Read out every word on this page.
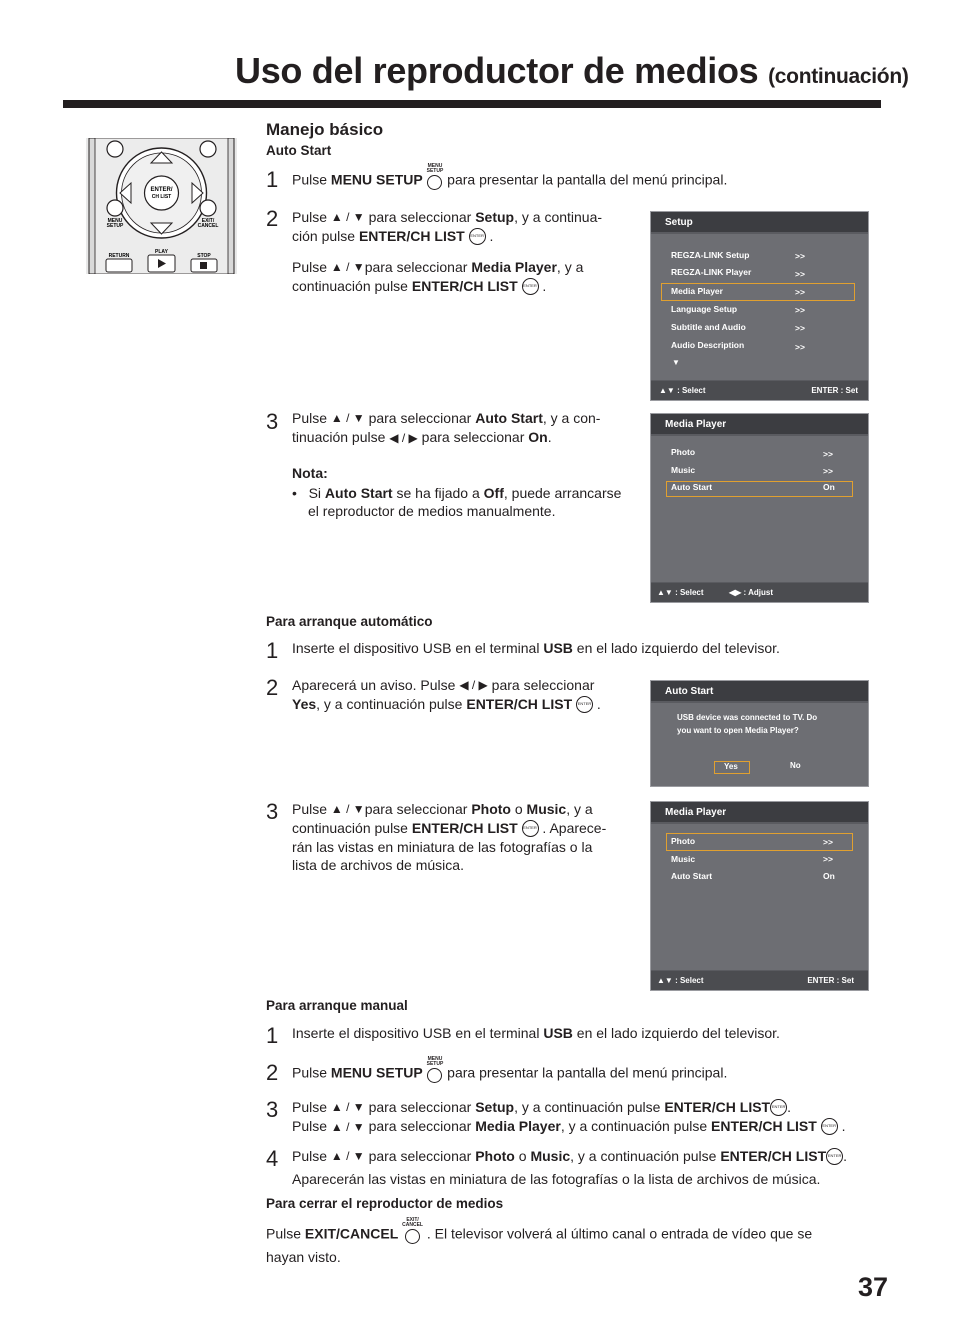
Uso del reproductor de medios (continuación)
ENTER/
CH LIST
MENU
SETUP
EXIT/
CANCEL
PLAY
RETURN	STOP
Manejo básico
Auto Start
1 Pulse MENU SETUP
MENU
SETUP
para presentar la pantalla del menú principal.
2 Pulse ▲ / ▼ para seleccionar Setup, y a continua-
ción pulse ENTER/CH LIST ENTER .
Pulse ▲ / ▼para seleccionar Media Player, y a
continuación pulse ENTER/CH LIST ENTER .
Setup
REGZA-LINK Setup	>>
REGZA-LINK Player	>>
Media Player	>>
Language Setup	>>
Subtitle and Audio	>>
Audio Description	>>
▼
▲▼ : Select	ENTER : Set
3 Pulse ▲ / ▼ para seleccionar Auto Start, y a con-
tinuación pulse ◀ / ▶ para seleccionar On.
Nota:
•   Si Auto Start se ha fijado a Off, puede arrancarse
el reproductor de medios manualmente.
Media Player
Photo	>>
Music	>>
Auto Start	On
▲▼ : Select	◀▶ : Adjust
Para arranque automático
1 Inserte el dispositivo USB en el terminal USB en el lado izquierdo del televisor.
2 Aparecerá un aviso. Pulse ◀ / ▶ para seleccionar
Yes, y a continuación pulse ENTER/CH LIST ENTER .
Auto Start
USB device was connected to TV. Do
you want to open Media Player?
Yes	No
3 Pulse ▲ / ▼para seleccionar Photo o Music, y a
continuación pulse ENTER/CH LIST ENTER . Aparece-
rán las vistas en miniatura de las fotografías o la
lista de archivos de música.
Media Player
Photo	>>
Music	>>
Auto Start	On
▲▼ : Select	ENTER : Set
Para arranque manual
1 Inserte el dispositivo USB en el terminal USB en el lado izquierdo del televisor.
2 Pulse MENU SETUP
MENU
SETUP
para presentar la pantalla del menú principal.
3 Pulse ▲ / ▼ para seleccionar Setup, y a continuación pulse ENTER/CH LIST ENTER .
Pulse ▲ / ▼ para seleccionar Media Player, y a continuación pulse ENTER/CH LIST ENTER .
4 Pulse ▲ / ▼ para seleccionar Photo o Music, y a continuación pulse ENTER/CH LIST ENTER .
Aparecerán las vistas en miniatura de las fotografías o la lista de archivos de música.
Para cerrar el reproductor de medios
Pulse EXIT/CANCEL
EXIT/
CANCEL
. El televisor volverá al último canal o entrada de vídeo que se
hayan visto.
37
